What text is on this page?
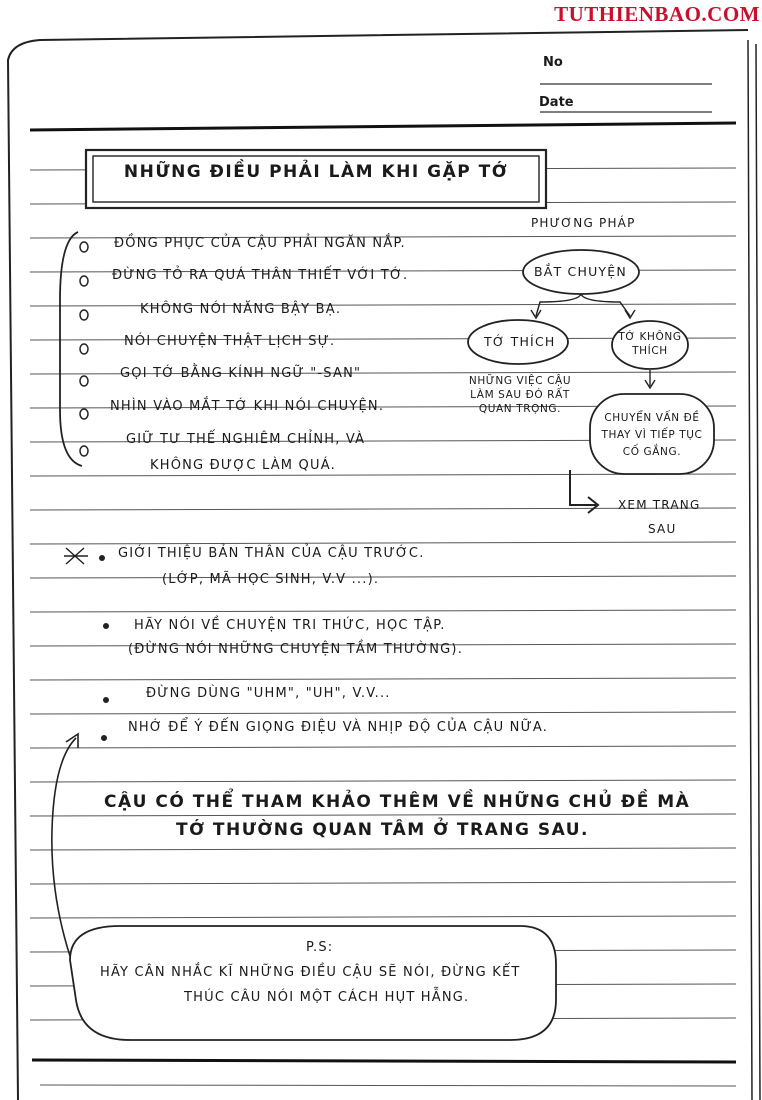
TUTHIENBAO.COM
No
Date
NHỮNG ĐIỀU PHẢI LÀM KHI GẶP TỚ
ĐỒNG PHỤC CỦA CẬU PHẢI NGĂN NẮP.
ĐỪNG TỎ RA QUÁ THÂN THIẾT VỚI TỚ.
KHÔNG NÓI NĂNG BẬY BẠ.
NÓI CHUYỆN THẬT LỊCH SỰ.
GỌI TỚ BẰNG KÍNH NGỮ "-SAN"
NHÌN VÀO MẮT TỚ KHI NÓI CHUYỆN.
GIỮ TƯ THẾ NGHIÊM CHỈNH, VÀ
KHÔNG ĐƯỢC LÀM QUÁ.
PHƯƠNG PHÁP
BẮT CHUYỆN
TỚ THÍCH	TỚ KHÔNG
THÍCH
NHỮNG VIỆC CẬU
LÀM SAU ĐÓ RẤT
QUAN TRỌNG.
CHUYỂN VẤN ĐỀ
THAY VÌ TIẾP TỤC
CỐ GẮNG.
XEM TRANG
SAU
GIỚI THIỆU BẢN THÂN CỦA CẬU TRƯỚC.
(LỚP, MÃ HỌC SINH, V.V ...).
HÃY NÓI VỀ CHUYỆN TRI THỨC, HỌC TẬP.
(ĐỪNG NÓI NHỮNG CHUYỆN TẦM THƯỜNG).
ĐỪNG DÙNG "UHM", "UH", V.V...
NHỚ ĐỂ Ý ĐẾN GIỌNG ĐIỆU VÀ NHỊP ĐỘ CỦA CẬU NỮA.
CẬU CÓ THỂ THAM KHẢO THÊM VỀ NHỮNG CHỦ ĐỀ MÀ
TỚ THƯỜNG QUAN TÂM Ở TRANG SAU.
P.S:
HÃY CÂN NHẮC KĨ NHỮNG ĐIỀU CẬU SẼ NÓI, ĐỪNG KẾT
THÚC CÂU NÓI MỘT CÁCH HỤT HẪNG.
